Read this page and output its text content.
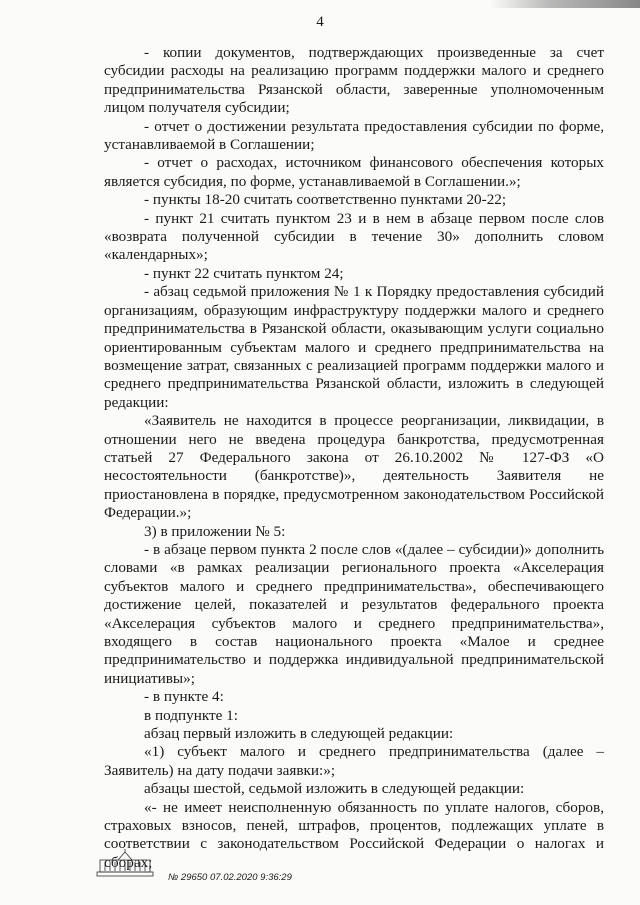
4

- копии документов, подтверждающих произведенные за счет субсидии расходы на реализацию программ поддержки малого и среднего предпринимательства Рязанской области, заверенные уполномоченным лицом получателя субсидии;

- отчет о достижении результата предоставления субсидии по форме, устанавливаемой в Соглашении;

- отчет о расходах, источником финансового обеспечения которых является субсидия, по форме, устанавливаемой в Соглашении.»;

- пункты 18-20 считать соответственно пунктами 20-22;

- пункт 21 считать пунктом 23 и в нем в абзаце первом после слов «возврата полученной субсидии в течение 30» дополнить словом «календарных»;

- пункт 22 считать пунктом 24;

- абзац седьмой приложения № 1 к Порядку предоставления субсидий организациям, образующим инфраструктуру поддержки малого и среднего предпринимательства в Рязанской области, оказывающим услуги социально ориентированным субъектам малого и среднего предпринимательства на возмещение затрат, связанных с реализацией программ поддержки малого и среднего предпринимательства Рязанской области, изложить в следующей редакции:

«Заявитель не находится в процессе реорганизации, ликвидации, в отношении него не введена процедура банкротства, предусмотренная статьей 27 Федерального закона от 26.10.2002 № 127-ФЗ «О несостоятельности (банкротстве)», деятельность Заявителя не приостановлена в порядке, предусмотренном законодательством Российской Федерации.»;

3) в приложении № 5:

- в абзаце первом пункта 2 после слов «(далее – субсидии)» дополнить словами «в рамках реализации регионального проекта «Акселерация субъектов малого и среднего предпринимательства», обеспечивающего достижение целей, показателей и результатов федерального проекта «Акселерация субъектов малого и среднего предпринимательства», входящего в состав национального проекта «Малое и среднее предпринимательство и поддержка индивидуальной предпринимательской инициативы»;

- в пункте 4:

в подпункте 1:

абзац первый изложить в следующей редакции:

«1) субъект малого и среднего предпринимательства (далее – Заявитель) на дату подачи заявки:»;

абзацы шестой, седьмой изложить в следующей редакции:

«- не имеет неисполненную обязанность по уплате налогов, сборов, страховых взносов, пеней, штрафов, процентов, подлежащих уплате в соответствии с законодательством Российской Федерации о налогах и сборах;

№ 29650 07.02.2020 9:36:29
